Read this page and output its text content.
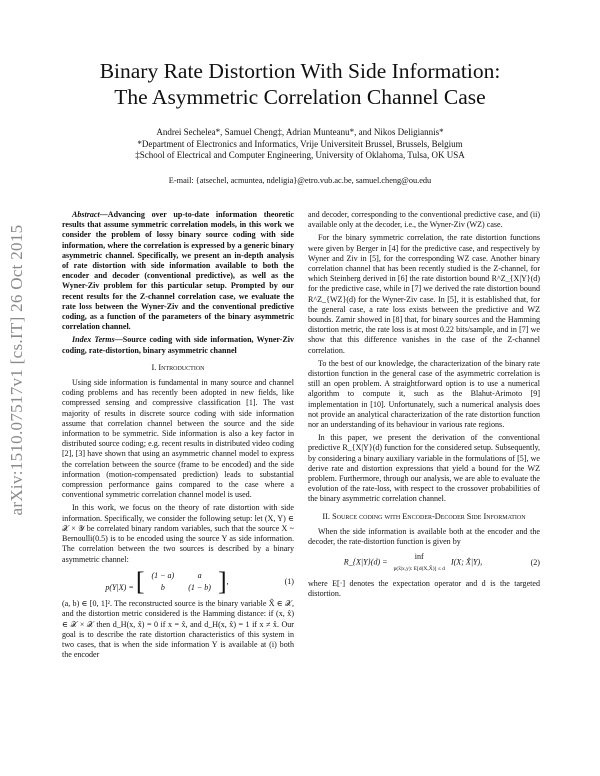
Binary Rate Distortion With Side Information:
The Asymmetric Correlation Channel Case
Andrei Sechelea*, Samuel Cheng‡, Adrian Munteanu*, and Nikos Deligiannis*
*Department of Electronics and Informatics, Vrije Universiteit Brussel, Brussels, Belgium
‡School of Electrical and Computer Engineering, University of Oklahoma, Tulsa, OK USA
E-mail: {atsechel, acmuntea, ndeligia}@etro.vub.ac.be, samuel.cheng@ou.edu
arXiv:1510.07517v1 [cs.IT] 26 Oct 2015

Abstract—Advancing over up-to-date information theoretic results that assume symmetric correlation models, in this work we consider the problem of lossy binary source coding with side information, where the correlation is expressed by a generic binary asymmetric channel. Specifically, we present an in-depth analysis of rate distortion with side information available to both the encoder and decoder (conventional predictive), as well as the Wyner-Ziv problem for this particular setup. Prompted by our recent results for the Z-channel correlation case, we evaluate the rate loss between the Wyner-Ziv and the conventional predictive coding, as a function of the parameters of the binary asymmetric correlation channel.

Index Terms—Source coding with side information, Wyner-Ziv coding, rate-distortion, binary asymmetric channel

I. Introduction

Using side information is fundamental in many source and channel coding problems and has recently been adopted in new fields, like compressed sensing and compressive classification [1]. The vast majority of results in discrete source coding with side information assume that correlation channel between the source and the side information to be symmetric. Side information is also a key factor in distributed source coding; e.g. recent results in distributed video coding [2], [3] have shown that using an asymmetric channel model to express the correlation between the source (frame to be encoded) and the side information (motion-compensated prediction) leads to substantial compression performance gains compared to the case where a conventional symmetric correlation channel model is used.

In this work, we focus on the theory of rate distortion with side information. Specifically, we consider the following setup: let (X, Y) ∈ 𝒳 × 𝒴 be correlated binary random variables, such that the source X ~ Bernoulli(0.5) is to be encoded using the source Y as side information. The correlation between the two sources is described by a binary asymmetric channel:

p(Y|X) = [ (1 − a)	a
b	(1 − b) ] ,	(1)

(a, b) ∈ [0, 1]². The reconstructed source is the binary variable X̂ ∈ 𝒳, and the distortion metric considered is the Hamming distance: if (x, x̂) ∈ 𝒳 × 𝒳 then d_H(x, x̂) = 0 if x = x̂, and d_H(x, x̂) = 1 if x ≠ x̂. Our goal is to describe the rate distortion characteristics of this system in two cases, that is when the side information Y is available at (i) both the encoder

and decoder, corresponding to the conventional predictive case, and (ii) available only at the decoder, i.e., the Wyner-Ziv (WZ) case.

For the binary symmetric correlation, the rate distortion functions were given by Berger in [4] for the predictive case, and respectively by Wyner and Ziv in [5], for the corresponding WZ case. Another binary correlation channel that has been recently studied is the Z-channel, for which Steinberg derived in [6] the rate distortion bound R^Z_{X|Y}(d) for the predictive case, while in [7] we derived the rate distortion bound R^Z_{WZ}(d) for the Wyner-Ziv case. In [5], it is established that, for the general case, a rate loss exists between the predictive and WZ bounds. Zamir showed in [8] that, for binary sources and the Hamming distortion metric, the rate loss is at most 0.22 bits/sample, and in [7] we show that this difference vanishes in the case of the Z-channel correlation.

To the best of our knowledge, the characterization of the binary rate distortion function in the general case of the asymmetric correlation is still an open problem. A straightforward option is to use a numerical algorithm to compute it, such as the Blahut-Arimoto [9] implementation in [10]. Unfortunately, such a numerical analysis does not provide an analytical characterization of the rate distortion function nor an understanding of its behaviour in various rate regions.

In this paper, we present the derivation of the conventional predictive R_{X|Y}(d) function for the considered setup. Subsequently, by considering a binary auxiliary variable in the formulations of [5], we derive rate and distortion expressions that yield a bound for the WZ problem. Furthermore, through our analysis, we are able to evaluate the evolution of the rate-loss, with respect to the crossover probabilities of the binary asymmetric correlation channel.

II. Source coding with Encoder-Decoder Side Information

When the side information is available both at the encoder and the decoder, the rate-distortion function is given by

R_{X|Y}(d) = inf
p(x̂|x,y): E[d(X,X̂)] ≤ d I(X; X̂|Y),	(2)

where E[·] denotes the expectation operator and d is the targeted distortion.
